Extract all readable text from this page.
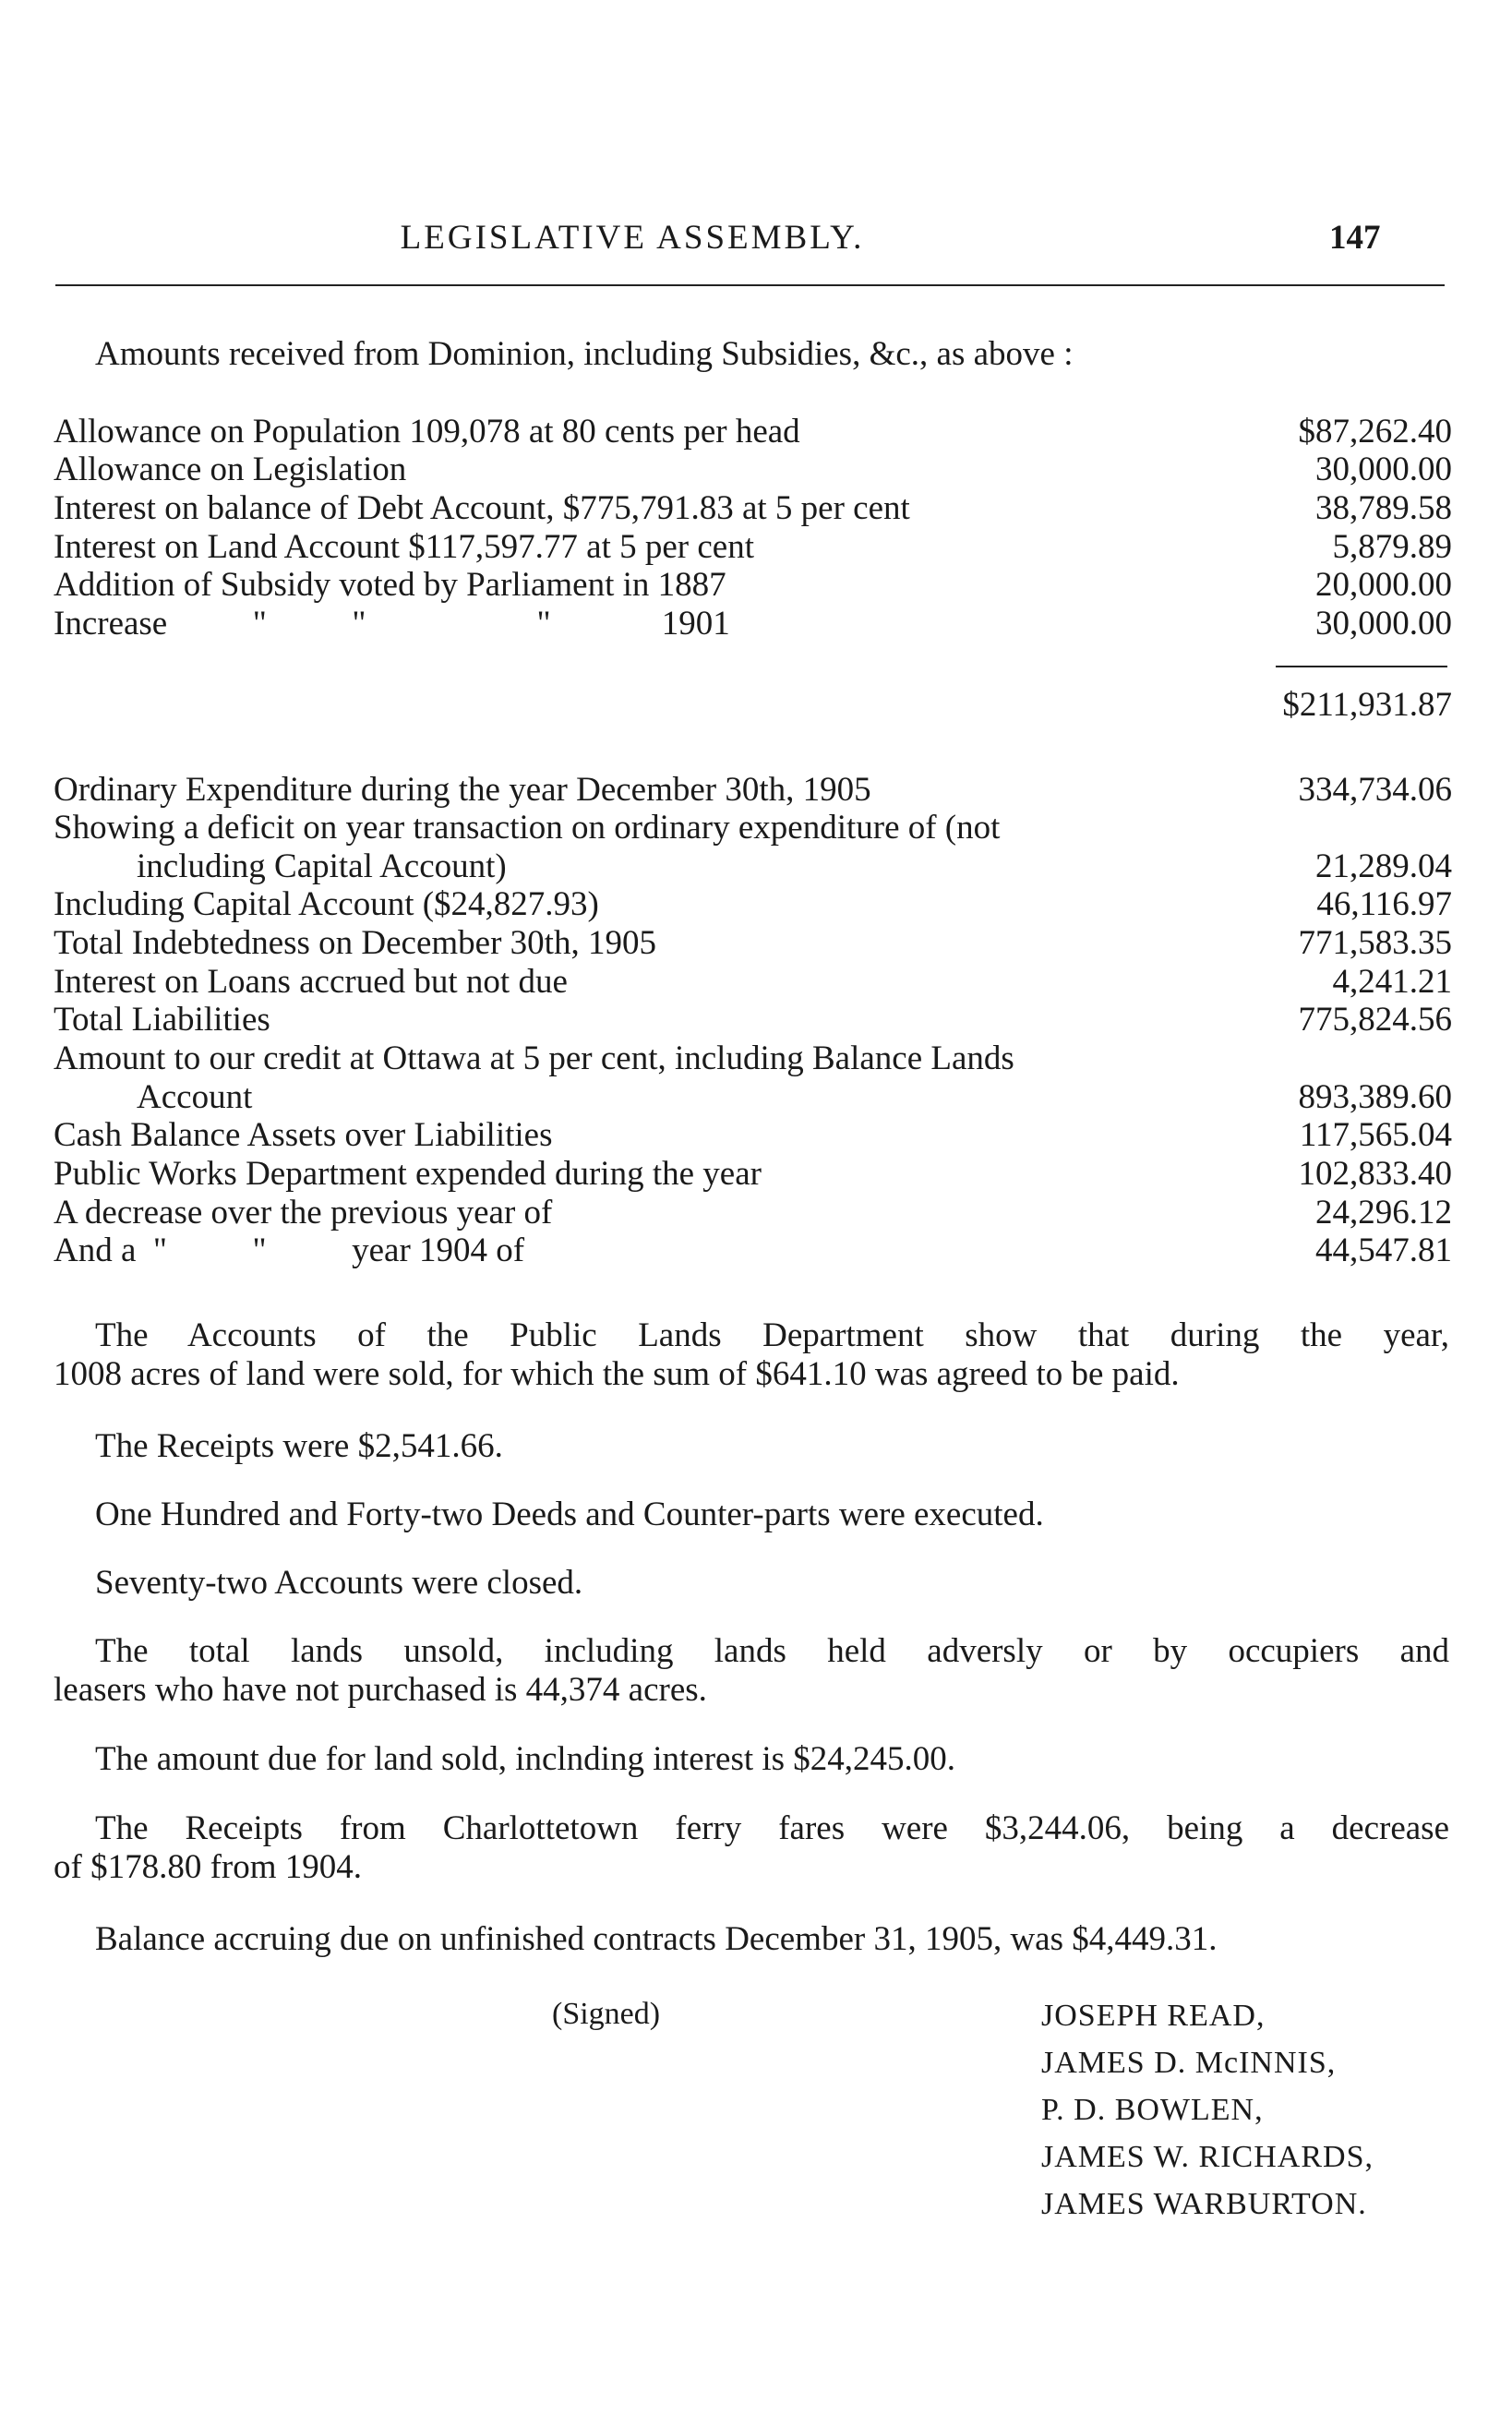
LEGISLATIVE ASSEMBLY.	147
Amounts received from Dominion, including Subsidies, &c., as above :
Allowance on Population 109,078 at 80 cents per head	$87,262.40
Allowance on Legislation	30,000.00
Interest on balance of Debt Account, $775,791.83 at 5 per cent	38,789.58
Interest on Land Account $117,597.77 at 5 per cent	5,879.89
Addition of Subsidy voted by Parliament in 1887	20,000.00
Increase          "          "                    "             1901	30,000.00
$211,931.87
Ordinary Expenditure during the year December 30th, 1905	334,734.06
Showing a deficit on year transaction on ordinary expenditure of (not
including Capital Account)	21,289.04
Including Capital Account ($24,827.93)	46,116.97
Total Indebtedness on December 30th, 1905	771,583.35
Interest on Loans accrued but not due	4,241.21
Total Liabilities	775,824.56
Amount to our credit at Ottawa at 5 per cent, including Balance Lands
Account	893,389.60
Cash Balance Assets over Liabilities	117,565.04
Public Works Department expended during the year	102,833.40
A decrease over the previous year of	24,296.12
And a  "          "          year 1904 of	44,547.81
The Accounts of the Public Lands Department show that during the year,
1008 acres of land were sold, for which the sum of $641.10 was agreed to be paid.
The Receipts were $2,541.66.
One Hundred and Forty-two Deeds and Counter-parts were executed.
Seventy-two Accounts were closed.
The total lands unsold, including lands held adversly or by occupiers and
leasers who have not purchased is 44,374 acres.
The amount due for land sold, inclnding interest is $24,245.00.
The Receipts from Charlottetown ferry fares were $3,244.06, being a decrease
of $178.80 from 1904.
Balance accruing due on unfinished contracts December 31, 1905, was $4,449.31.
(Signed)	JOSEPH READ,
JAMES D. McINNIS,
P. D. BOWLEN,
JAMES W. RICHARDS,
JAMES WARBURTON.
